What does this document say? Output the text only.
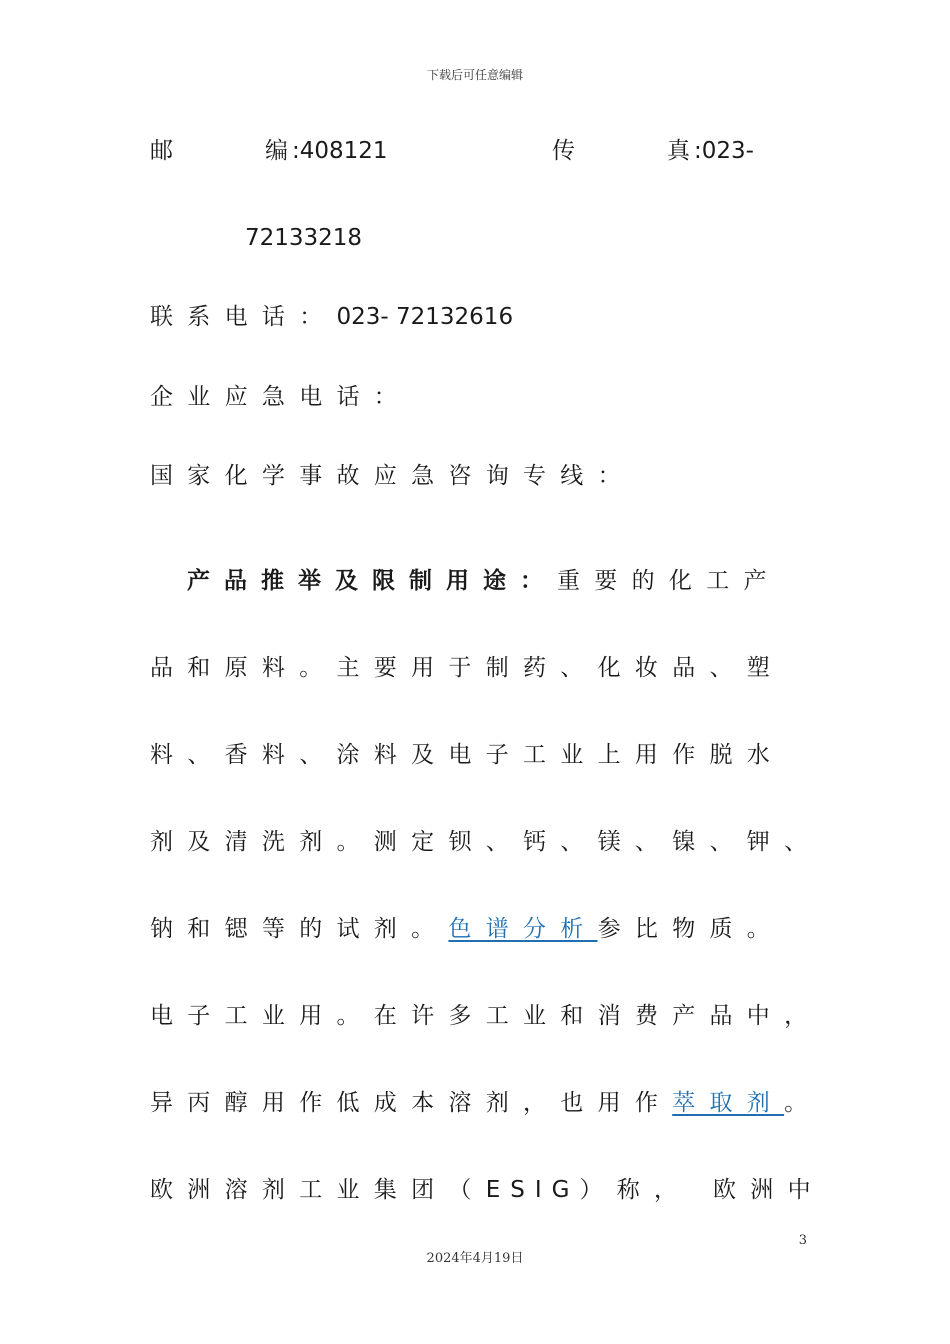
下载后可任意编辑
邮	编 :408121	传	真 :023-
72133218
联系电话：023- 72132616
企业应急电话：
国家化学事故应急咨询专线：
产品推举及限制用途：重要的化工产
品和原料。主要用于制药、化妆品、塑
料、香料、涂料及电子工业上用作脱水
剂及清洗剂。测定钡、钙、镁、镍、钾、
钠和锶等的试剂。色谱分析参比物质。
电子工业用。在许多工业和消费产品中，
异丙醇用作低成本溶剂，也用作萃取剂。
欧洲溶剂工业集团（ESIG）称， 欧洲中
3
2024年4月19日
